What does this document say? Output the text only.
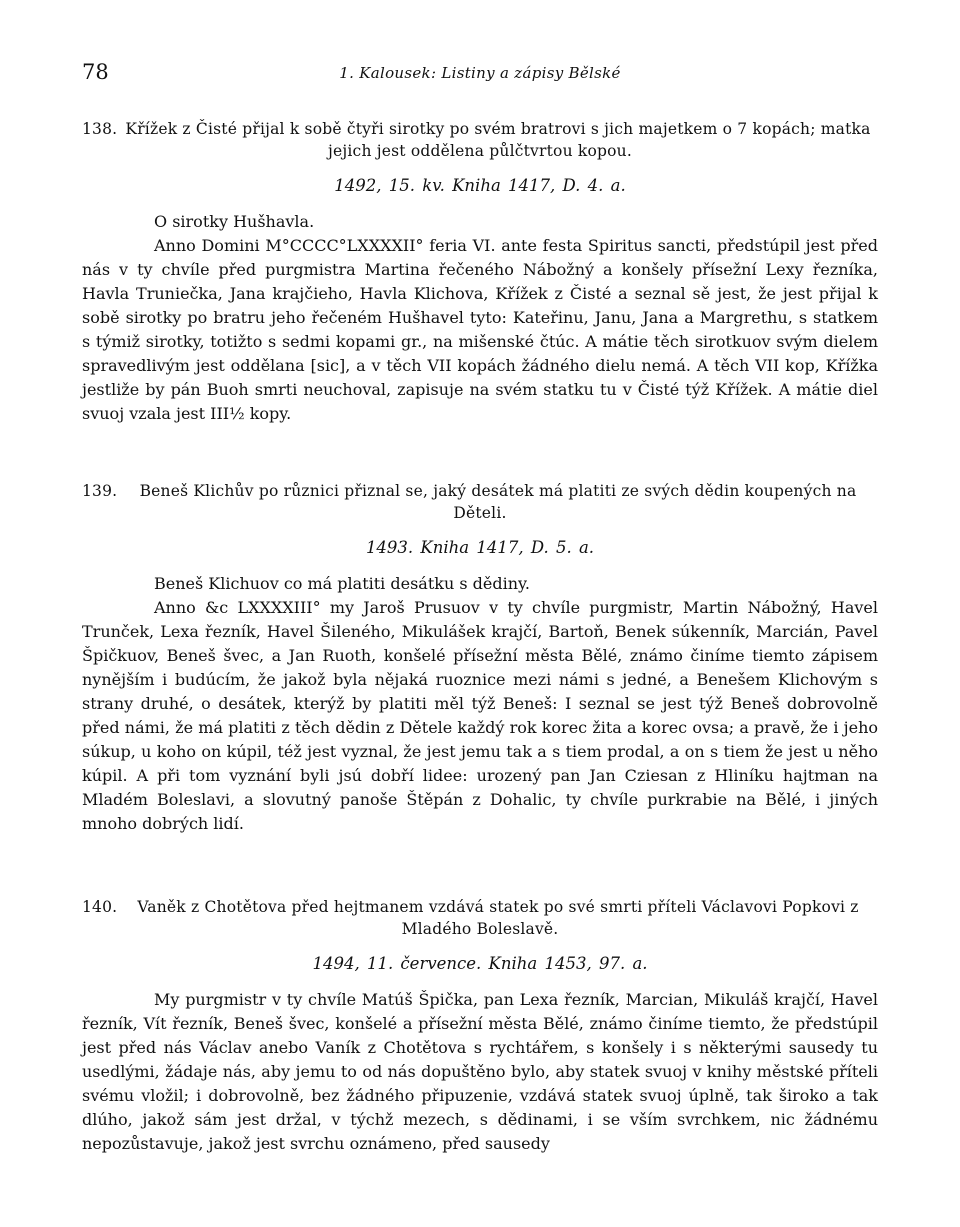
78	1. Kalousek: Listiny a zápisy Bělské

138. Křížek z Čisté přijal k sobě čtyři sirotky po svém bratrovi s jich majetkem o 7 kopách; matka jejich jest oddělena půlčtvrtou kopou.

1492, 15. kv. Kniha 1417, D. 4. a.

O sirotky Hušhavla.

Anno Domini M°CCCC°LXXXXII° feria VI. ante festa Spiritus sancti, předstúpil jest před nás v ty chvíle před purgmistra Martina řečeného Nábožný a konšely přísežní Lexy řezníka, Havla Truniečka, Jana krajčieho, Havla Klichova, Křížek z Čisté a seznal sě jest, že jest přijal k sobě sirotky po bratru jeho řečeném Hušhavel tyto: Kateřinu, Janu, Jana a Margrethu, s statkem s týmiž sirotky, totižto s sedmi kopami gr., na mišenské čtúc. A mátie těch sirotkuov svým dielem spravedlivým jest oddělana [sic], a v těch VII kopách žádného dielu nemá. A těch VII kop, Křížka jestliže by pán Buoh smrti neuchoval, zapisuje na svém statku tu v Čisté týž Křížek. A mátie diel svuoj vzala jest III½ kopy.

139. Beneš Klichův po různici přiznal se, jaký desátek má platiti ze svých dědin koupených na Děteli.

1493. Kniha 1417, D. 5. a.

Beneš Klichuov co má platiti desátku s dědiny.

Anno &c LXXXXIII° my Jaroš Prusuov v ty chvíle purgmistr, Martin Nábožný, Havel Trunček, Lexa řezník, Havel Šileného, Mikulášek krajčí, Bartoň, Benek súkenník, Marcián, Pavel Špičkuov, Beneš švec, a Jan Ruoth, konšelé přísežní města Bělé, známo činíme tiemto zápisem nynějším i budúcím, že jakož byla nějaká ruoznice mezi námi s jedné, a Benešem Klichovým s strany druhé, o desátek, kterýž by platiti měl týž Beneš: I seznal se jest týž Beneš dobrovolně před námi, že má platiti z těch dědin z Dětele každý rok korec žita a korec ovsa; a pravě, že i jeho súkup, u koho on kúpil, též jest vyznal, že jest jemu tak a s tiem prodal, a on s tiem že jest u něho kúpil. A při tom vyznání byli jsú dobří lidee: urozený pan Jan Cziesan z Hliníku hajtman na Mladém Boleslavi, a slovutný panoše Štěpán z Dohalic, ty chvíle purkrabie na Bělé, i jiných mnoho dobrých lidí.

140. Vaněk z Chotětova před hejtmanem vzdává statek po své smrti příteli Václavovi Popkovi z Mladého Boleslavě.

1494, 11. července. Kniha 1453, 97. a.

My purgmistr v ty chvíle Matúš Špička, pan Lexa řezník, Marcian, Mikuláš krajčí, Havel řezník, Vít řezník, Beneš švec, konšelé a přísežní města Bělé, známo činíme tiemto, že předstúpil jest před nás Václav anebo Vaník z Chotětova s rychtářem, s konšely i s některými sausedy tu usedlými, žádaje nás, aby jemu to od nás dopuštěno bylo, aby statek svuoj v knihy městské příteli svému vložil; i dobrovolně, bez žádného připuzenie, vzdává statek svuoj úplně, tak široko a tak dlúho, jakož sám jest držal, v týchž mezech, s dědinami, i se vším svrchkem, nic žádnému nepozůstavuje, jakož jest svrchu oznámeno, před sausedy
